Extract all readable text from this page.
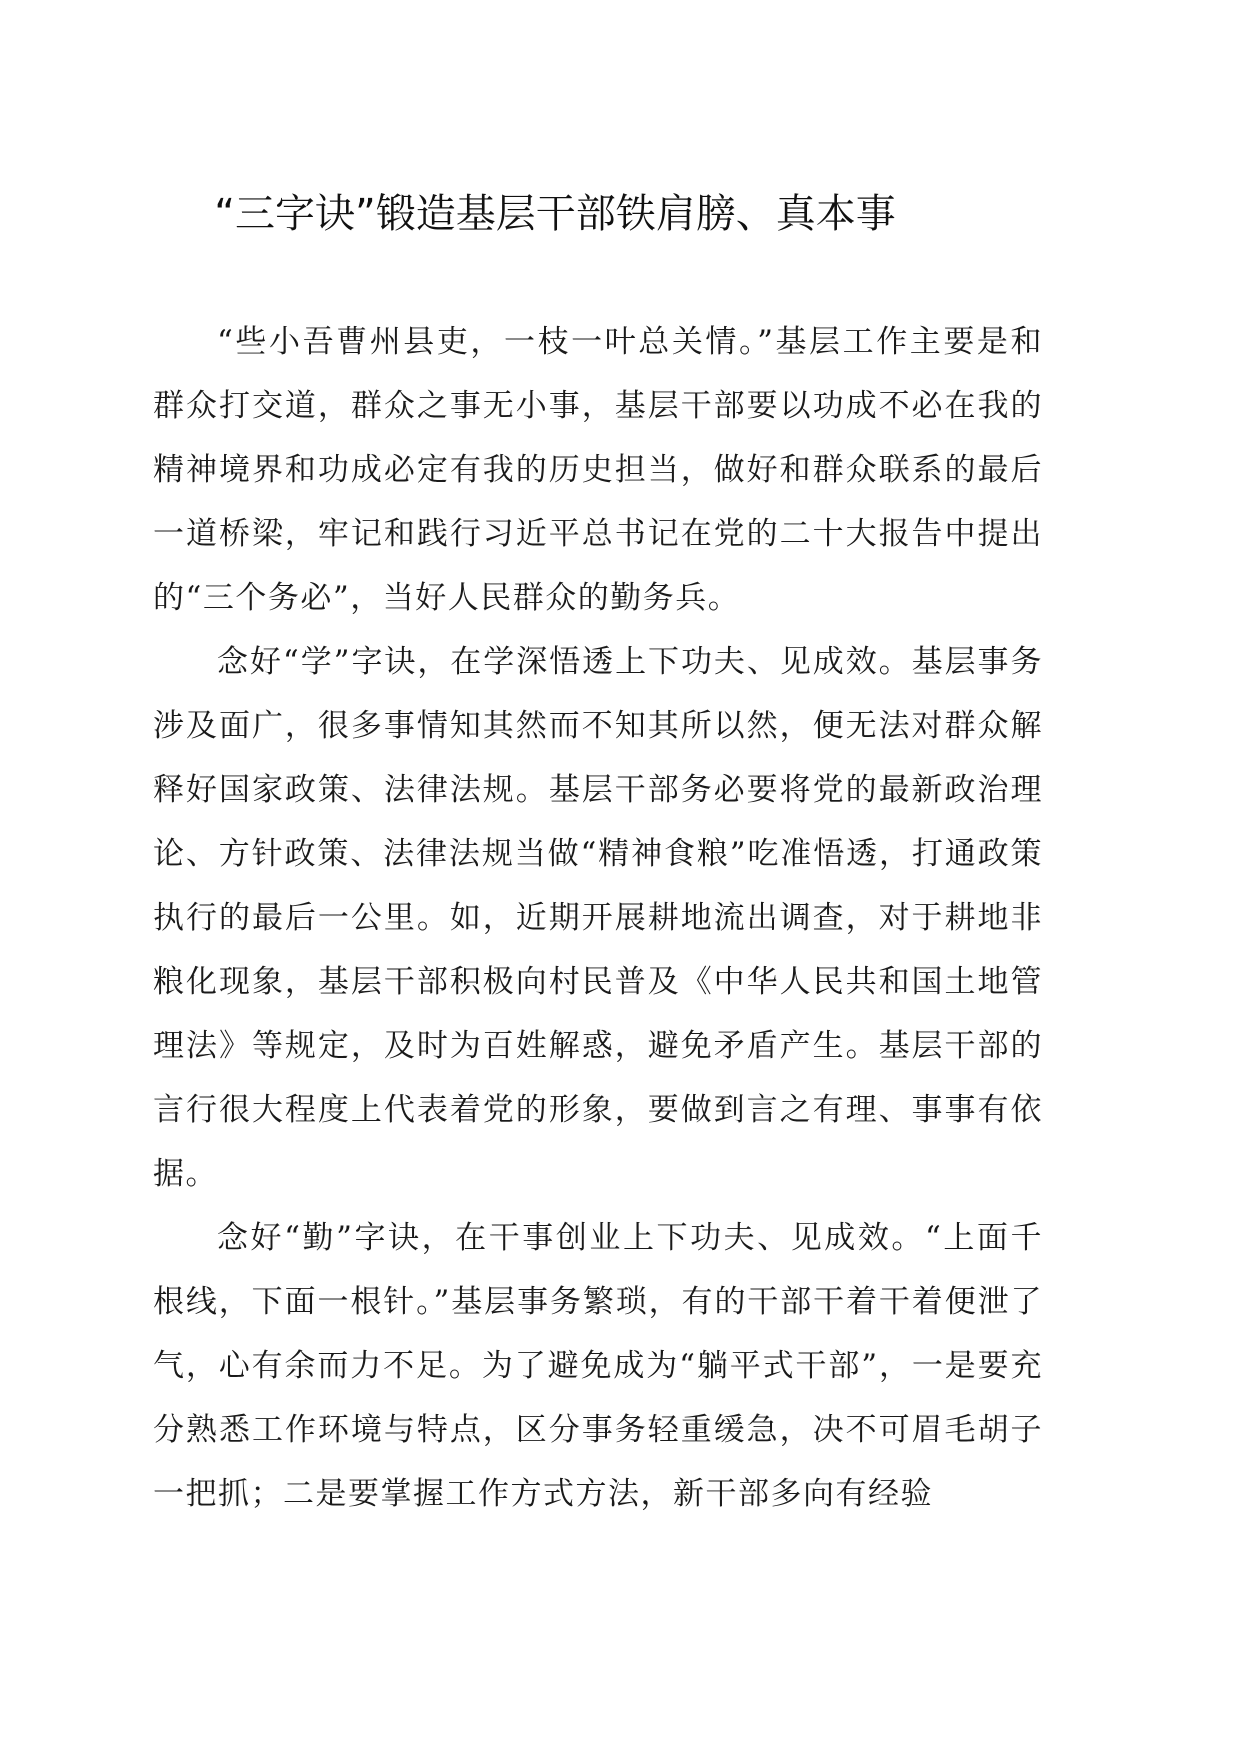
“三字诀”锻造基层干部铁肩膀、真本事

“些小吾曹州县吏，一枝一叶总关情。”基层工作主要是和群众打交道，群众之事无小事，基层干部要以功成不必在我的精神境界和功成必定有我的历史担当，做好和群众联系的最后一道桥梁，牢记和践行习近平总书记在党的二十大报告中提出的“三个务必”，当好人民群众的勤务兵。

念好“学”字诀，在学深悟透上下功夫、见成效。基层事务涉及面广，很多事情知其然而不知其所以然，便无法对群众解释好国家政策、法律法规。基层干部务必要将党的最新政治理论、方针政策、法律法规当做“精神食粮”吃准悟透，打通政策执行的最后一公里。如，近期开展耕地流出调查，对于耕地非粮化现象，基层干部积极向村民普及《中华人民共和国土地管理法》等规定，及时为百姓解惑，避免矛盾产生。基层干部的言行很大程度上代表着党的形象，要做到言之有理、事事有依据。

念好“勤”字诀，在干事创业上下功夫、见成效。“上面千根线，下面一根针。”基层事务繁琐，有的干部干着干着便泄了气，心有余而力不足。为了避免成为“躺平式干部”，一是要充分熟悉工作环境与特点，区分事务轻重缓急，决不可眉毛胡子一把抓；二是要掌握工作方式方法，新干部多向有经验
